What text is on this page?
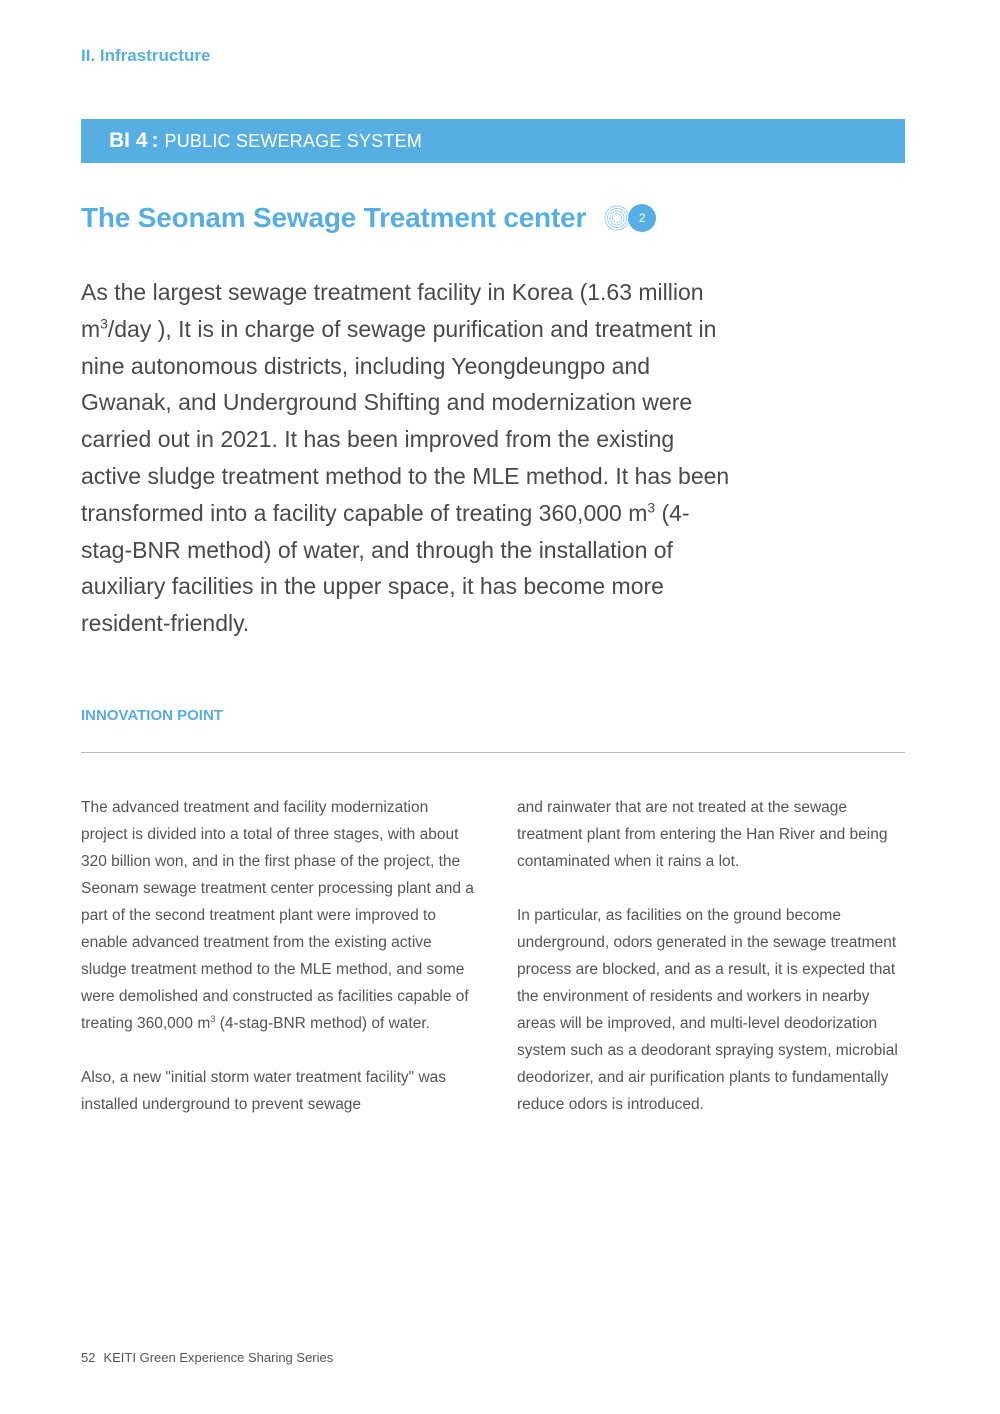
II. Infrastructure
BI 4 : PUBLIC SEWERAGE SYSTEM
The Seonam Sewage Treatment center	2

As the largest sewage treatment facility in Korea (1.63 million $m^3$/day ), It is in charge of sewage purification and treatment in nine autonomous districts, including Yeongdeungpo and Gwanak, and Underground Shifting and modernization were carried out in 2021. It has been improved from the existing active sludge treatment method to the MLE method. It has been transformed into a facility capable of treating 360,000 $m^3$ (4-stag-BNR method) of water, and through the installation of auxiliary facilities in the upper space, it has become more resident-friendly.

INNOVATION POINT

The advanced treatment and facility modernization project is divided into a total of three stages, with about 320 billion won, and in the first phase of the project, the Seonam sewage treatment center processing plant and a part of the second treatment plant were improved to enable advanced treatment from the existing active sludge treatment method to the MLE method, and some were demolished and constructed as facilities capable of treating 360,000 $m^3$ (4-stag-BNR method) of water.

Also, a new "initial storm water treatment facility" was installed underground to prevent sewage

and rainwater that are not treated at the sewage treatment plant from entering the Han River and being contaminated when it rains a lot.

In particular, as facilities on the ground become underground, odors generated in the sewage treatment process are blocked, and as a result, it is expected that the environment of residents and workers in nearby areas will be improved, and multi-level deodorization system such as a deodorant spraying system, microbial deodorizer, and air purification plants to fundamentally reduce odors is introduced.

52 KEITI Green Experience Sharing Series
